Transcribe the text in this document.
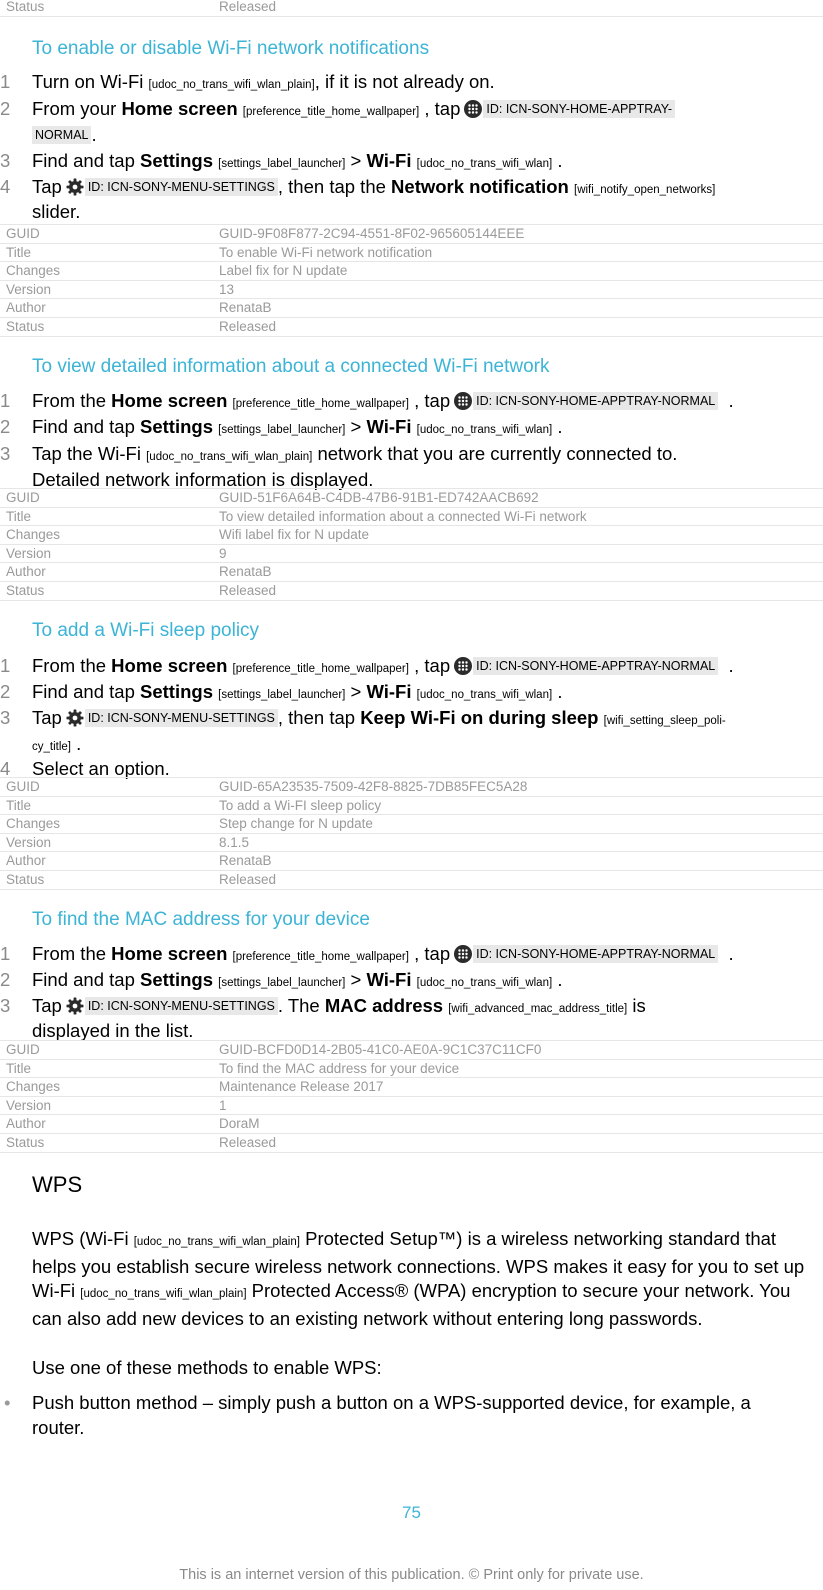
Status	Released
To enable or disable Wi-Fi network notifications
1	Turn on Wi-Fi [udoc_no_trans_wifi_wlan_plain], if it is not already on.
2	From your Home screen [preference_title_home_wallpaper] , tap ID: ICN-SONY-HOME-APPTRAY-
NORMAL .
3	Find and tap Settings [settings_label_launcher] > Wi-Fi [udoc_no_trans_wifi_wlan] .
4	Tap ID: ICN-SONY-MENU-SETTINGS , then tap the Network notification [wifi_notify_open_networks]
slider.
GUID	GUID-9F08F877-2C94-4551-8F02-965605144EEE
Title	To enable Wi-Fi network notification
Changes	Label fix for N update
Version	13
Author	RenataB
Status	Released
To view detailed information about a connected Wi-Fi network
1	From the Home screen [preference_title_home_wallpaper] , tap ID: ICN-SONY-HOME-APPTRAY-NORMAL .
2	Find and tap Settings [settings_label_launcher] > Wi-Fi [udoc_no_trans_wifi_wlan] .
3	Tap the Wi-Fi [udoc_no_trans_wifi_wlan_plain] network that you are currently connected to.
Detailed network information is displayed.
GUID	GUID-51F6A64B-C4DB-47B6-91B1-ED742AACB692
Title	To view detailed information about a connected Wi-Fi network
Changes	Wifi label fix for N update
Version	9
Author	RenataB
Status	Released
To add a Wi-Fi sleep policy
1	From the Home screen [preference_title_home_wallpaper] , tap ID: ICN-SONY-HOME-APPTRAY-NORMAL .
2	Find and tap Settings [settings_label_launcher] > Wi-Fi [udoc_no_trans_wifi_wlan] .
3	Tap ID: ICN-SONY-MENU-SETTINGS , then tap Keep Wi-Fi on during sleep [wifi_setting_sleep_poli-
cy_title] .
4	Select an option.
GUID	GUID-65A23535-7509-42F8-8825-7DB85FEC5A28
Title	To add a Wi-FI sleep policy
Changes	Step change for N update
Version	8.1.5
Author	RenataB
Status	Released
To find the MAC address for your device
1	From the Home screen [preference_title_home_wallpaper] , tap ID: ICN-SONY-HOME-APPTRAY-NORMAL .
2	Find and tap Settings [settings_label_launcher] > Wi-Fi [udoc_no_trans_wifi_wlan] .
3	Tap ID: ICN-SONY-MENU-SETTINGS . The MAC address [wifi_advanced_mac_address_title] is
displayed in the list.
GUID	GUID-BCFD0D14-2B05-41C0-AE0A-9C1C37C11CF0
Title	To find the MAC address for your device
Changes	Maintenance Release 2017
Version	1
Author	DoraM
Status	Released
WPS

WPS (Wi-Fi [udoc_no_trans_wifi_wlan_plain] Protected Setup™) is a wireless networking standard that helps you establish secure wireless network connections. WPS makes it easy for you to set up Wi-Fi [udoc_no_trans_wifi_wlan_plain] Protected Access® (WPA) encryption to secure your network. You can also add new devices to an existing network without entering long passwords.

Use one of these methods to enable WPS:

• Push button method – simply push a button on a WPS-supported device, for example, a router.
75
This is an internet version of this publication. © Print only for private use.
